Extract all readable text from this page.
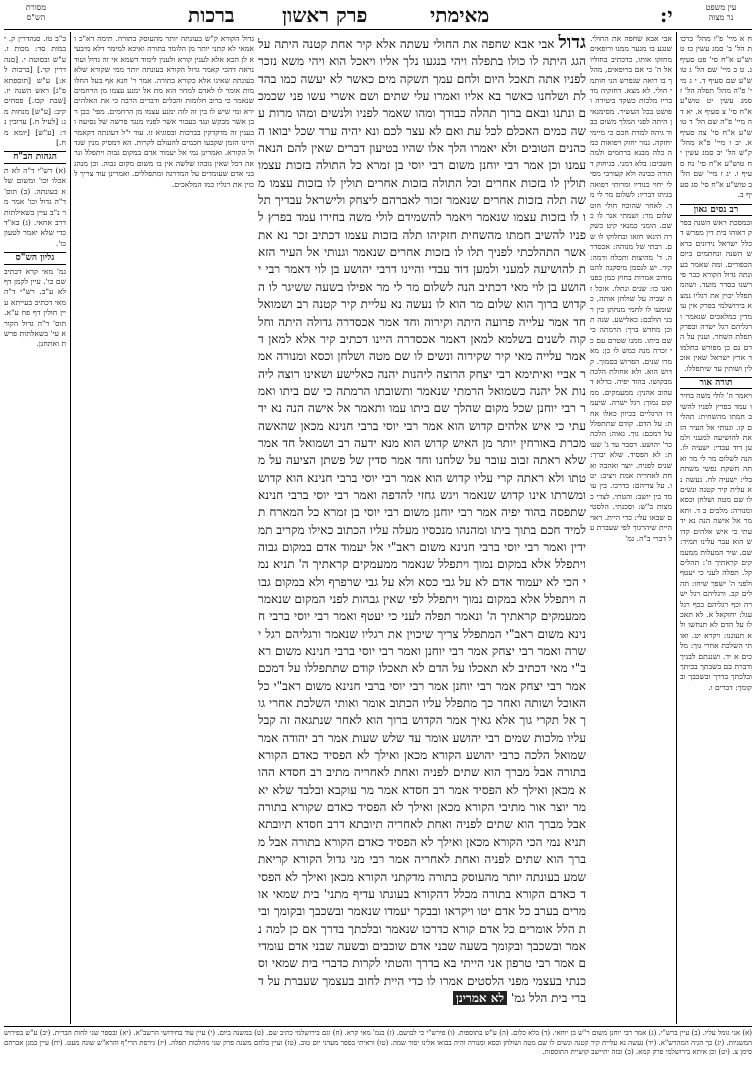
מסורת
הש"ס	ברכות פרק ראשון	מאימתי	י:	עין משפט
נר מצוה
ח א מיי' פ"ו מהל' ברכות הל' ב' סמג עשין כז טוש"ע א"ח סי' פט סעיף ג. ט ב מיי' שם הל' ג טוש"ע שם סעיף ד. י ג מיי' פ"ה מהל' תפלה הל' ז סמג עשין יט טוש"ע א"ח סי' צ סעיף א. יא ד ה מיי' פ"ה שם הל' ד טוש"ע א"ח סי' צה סעיף א. יב ו מיי' פ"א מהל' ק"ש הל' יב סמג עשין יח טוש"ע א"ח סי' נח סעיף ו. יג ז מיי' שם הל' ב טוש"ע א"ח סי' סג סעיף ב.
רב נסים גאון
ובמסכת ראש השנה בפרק ראוהו בית דין מפרש דכלל ישראל נידונים בראש השנה ונחתמים ביום הכפורים. ומה שאמר בעונתה גדול הקורא כבר פירשנו בסדר מועד. ושהמתפלל יכוין את רגליו נמצא בירושלמי בפרק אין עומדין כמלאכים שנאמר ורגליהם רגל ישרה ובפרק תפלת השחר. וענין על הדם גם כן מפורש בתלמוד ארץ ישראל שאין אוכלין ושותין עד שיתפללו.
תורה אור
ויאמר ה' לולי משה בחירו עמד בפרץ לפניו להשיב חמתו מהשחית: תהלים קו. וגנותי אל העיר הזאת להושיעה למעני ולמען דוד עבדי: ישעיה לז. הנה לשלום מר לי מר ואתה חשקת נפשי משחת בלי: ישעיה לח. נעשה נא עלית קיר קטנה ונשים לו שם מטה ושלחן וכסא ומנורה: מלכים ב ד. ותאמר אל אישה הנה נא ידעתי כי איש אלהים קדוש הוא עבר עלינו תמיד: שם. שיר המעלות ממעמקים קראתיך ה': תהלים קל. תפלה לעני כי יעטף ולפני ה' ישפך שיחו: תהלים קב. ורגליהם רגל ישרה וכף רגליהם ככף רגל עגל: יחזקאל א. לא תאכלו על הדם לא תנחשו ולא תעוננו: ויקרא יט. ואותי השלכת אחרי גוך: מלכים א יד. ושננתם לבניך ודברת בם בשבתך בביתך ובלכתך בדרך ובשכבך ובקומך: דברים ו.
ב"ב טז. סנהדרין ק. יבמות סד: מכות ז. ע"ש ובסוטה י. [סנהדרין קד.] [ברכות לא:] ע"ש [תוספתא פ"ג] ראש השנה יז. [שבת קכז.] פסחים קיב: [ע"ש] מנחות מג: [לעיל ח.] ערובין נד: [ע"ש] [יומא מח.]
הגהות הב"ח
(א) רש"י ד"ה לא תאכלו וכו' ומשום שלא בעונתה. (ב) תוס' ד"ה גדול וכו' אמר מר נ"ב עיין בשאילתות דרב אחאי. (ג) בא"ד כדי שלא יאמר לטעון כו'.
גליון הש"ס
גמ' מאי קרא דכתיב שם כו'. עיין לקמן דף לא ע"ב. רש"י ד"ה מאי דכתיב בעייתא עיין חולין דף פח ע"א. תוס' ד"ה גדול הקורא עי' בשאלתות פרשת ואתחנן.
אבי אבא שחפה את החולי. שנגע בו מגער ממנו ורופאים מחזקו אותו, כדכתיב בחוליו אל ה' כי אם ברופאים, מהלך בו רואה שנפרש הני חותמי חולי. לא מצא. דחזקיה מדבריו מלכות כשקד ביטירה ופושט בכל העשיר. מסימנאין היתה לפני המלך משום כבוד גיהה למדת חכם כי מיימי יחזקה. גנזר יחזק רפואות כמה כלה מבנא ברחמים ולמה חשבים: בלא דמני. בגיחוק דתורה כבינה ולא קעורבי מסילי יחוי כנודיו ומרותי רפואה בגיתו דבריו: לשלום מר לי מר. לאחר שהוכח חולי חוט שלום מר: ושמתי אגר לו כשם. הומני כמנאי קיט כשקרה הינאו חזאו ובחלוקו לו שם. רבתי של מנוהה: אכסדרה. ד' מהיצות ותכלה ודמה: קיר. יש לנסמן מיסקנה להט מודוב אמרות בחוץ כמן כפנו ואנו כו: שנים ונתלו. אוכל זה שביה על שולחן אותה, כשומעו לו לחמי מנחתן כין רבני הולכם: כאלישע. שנה תוכן מחדש ברך: הרמתה כי שם ביתו. ממנו שטרם עם כי זכרה מנה כמש לו כן: מאמרו שנים. הפרוש בסמוך. קדוש הוא. ולא אחולת הלכה מבקושו. בהוד יפיה. כדלא דעהוב אהנין: ממעמקים. ממקום נמוך: רגל ישרה. שיעמדו הרגליים בכיוון כאלו אחת: על הדם. קודם שתתפלל על דמכם: גוך. גאוה: הלכה כר' יהושע. דסבר עד ג' שעות: לא הפסיד. שלא יברך: שנים לפניה. יוצר ואהבה ואחת לאחריה אמת ויציב: יטו. על צדיהם: כדרכו. בין עומד בין יושב: והטתי. לצדי כמצות ב"ש: וסכנתי. הלסטים שבאו עלי: כדי היית. ראוי היית שיהרגוך לפי שעברת על דברי ב"ה. גמ'
גדול הקורא ק"ש בעונתה יותר מהעוסק בתורה. תימה דא"כ ואמאי לא קתני יותר מן הלומד בתורה ואיכא למימר דלא מיבעיא לן הכא אלא לענין קורא ולענין לימוד דשמא אי זה גדול ועוד נראה דהכי קאמר גדול הקורא בעונתה יותר ממי שקורא שלא בעונתה שאינו אלא כקורא בתורה. אמר ר' חנא אף בעל החלומות אומר לו לאדם למחר הוא מת אל ימנע עצמו מן הרחמים שנאמר כי ברוב חלומות והבלים ודברים הרבה כי את האלהים ירא ומי שיש לו בין זה לזה ימנע עצמו מן הרחמים. מפי' כבן רבן אשר מבקש ונגד בעבור אשר לפניו מנגד פרשה של נסיעה ובענין זה מדקדקין בברכות ובסוגיא זו. עוד י"ל דעונתה דקאמר היינו הזמן שקבעו חכמים להעולם לקרות. הא דמסיק מנין שגדול הקורא. ואמרינן נמי אל יעמוד אדם במקום גבוה ויתפלל ונראה דכל שאין גובהו שלשה אין בו משום מקום גבוה. וכן מנהג בני אדם שעומדים על המדרגה ומתפללים. ואמרינן עוד צריך לכוין את רגליו כמו המלאכים.
גדול אבי אבא שחפה את החולי עשתה אלא קיר אחת קטנה היתה על הגג היתה לו כולו בתפלה ויהי בנגעו נלך אליו ויאכל הוא ויהי משא נזכר לפניו אתה תאכל היום ולחם עמך תשקה מים כאשר לא יעשה כמו בהדלת ושלחנו כאשר בא אליו ואמרו עלי שתים ושם אשרי עשו פני שכמכם ונתנו ובאם ברוך תהלה כבודך ומהו שאמר לפניו ולנשים ומהו מרות עשה כמים האכלם לכל עת ואם לא עצר לכם ונא יהיה ערד שכל יבואו הכהנים הטובים ולא יאמרו הלך אלו שהיו בטיעון דברים שאין להם הנאה עמנו וכן אמר רבי יוחנן משום רבי יוסי בן זמרא כל התולה בזכות עצמו תולין לו בזכות אחרים וכל התולה בזכות אחרים תולין לו בזכות עצמו משה תלה בזכות אחרים שנאמר זכור לאברהם ליצחק ולישראל עבדיך תלו לו בזכות עצמו שנאמר ויאמר להשמידם לולי משה בחירו עמד בפרץ לפניו להשיב חמתו מהשחית חזקיהו תלה בזכות עצמו דכתיב זכר נא את אשר התהלכתי לפניך תלו לו בזכות אחרים שנאמר וגנותי אל העיר הזאת להושיעה למעני ולמען דוד עבדי והיינו דרבי יהושע בן לוי דאמר רבי יהושע בן לוי מאי דכתיב הנה לשלום מר לי מר אפילו בשעה ששיגר לו הקדוש ברוך הוא שלום מר הוא לו נעשה נא עליית קיר קטנה רב ושמואל חד אמר עלייה פרועה היתה וקירוה וחד אמר אכסדרה גדולה היתה וחלקוה לשנים בשלמא למאן דאמר אכסדרה היינו דכתיב קיר אלא למאן דאמר עלייה מאי קיר שקירוה ונשים לו שם מטה ושלחן וכסא ומנורה אמר אביי ואיתימא רבי יצחק הרוצה ליהנות יהנה כאלישע ושאינו רוצה ליהנות אל יהנה כשמואל הרמתי שנאמר ותשובתו הרמתה כי שם ביתו ואמר רבי יוחנן שכל מקום שהלך שם ביתו עמו ותאמר אל אישה הנה נא ידעתי כי איש אלהים קדוש הוא אמר רבי יוסי ברבי חנינא מכאן שהאשה מכרת באורחין יותר מן האיש קדוש הוא מנא ידעה רב ושמואל חד אמר שלא ראתה זבוב עובר על שלחנו וחד אמר סדין של פשתן הציעה על מטתו ולא ראתה קרי עליו קדוש הוא אמר רבי יוסי ברבי חנינא הוא קדוש ומשרתו אינו קדוש שנאמר ויגש גחזי להדפה ואמר רבי יוסי ברבי חנינא שתפסה בהוד יפיה אמר רבי יוחנן משום רבי יוסי בן זמרא כל המארח תלמיד חכם בתוך ביתו ומהנהו מנכסיו מעלה עליו הכתוב כאילו מקריב תמידין ואמר רבי יוסי ברבי חנינא משום ראב"י אל יעמוד אדם במקום גבוה ויתפלל אלא במקום נמוך ויתפלל שנאמר ממעמקים קראתיך ה' תניא נמי הכי לא יעמוד אדם לא על גבי כסא ולא על גבי שרפרף ולא במקום גבוה ויתפלל אלא במקום נמוך ויתפלל לפי שאין גבהות לפני המקום שנאמר ממעמקים קראתיך ה' ונאמר תפלה לעני כי יעטף ואמר רבי יוסי ברבי חנינא משום ראב"י המתפלל צריך שיכוין את רגליו שנאמר ורגליהם רגל ישרה ואמר רבי יצחק אמר רבי יוחנן ואמר רבי יוסי ברבי חנינא משום ראב"י מאי דכתיב לא תאכלו על הדם לא תאכלו קודם שתתפללו על דמכם אמר רבי יצחק אמר רבי יוחנן אמר רבי יוסי ברבי חנינא משום ראב"י כל האוכל ושותה ואחר כך מתפלל עליו הכתוב אומר ואותי השלכת אחרי גוך אל תקרי גוך אלא גאיך אמר הקדוש ברוך הוא לאחר שנתגאה זה קבל עליו מלכות שמים רבי יהושע אומר עד שלש שעות אמר רב יהודה אמר שמואל הלכה כרבי יהושע הקורא מכאן ואילך לא הפסיד כאדם הקורא בתורה אבל מברך הוא שתים לפניה ואחת לאחריה מתיב רב חסדא ההוא מכאן ואילך לא הפסיד אמר רב חסדא אמר מר עוקבא ובלבד שלא יאמר יוצר אור מתיבי הקורא מכאן ואילך לא הפסיד כאדם שקורא בתורה אבל מברך הוא שתים לפניה ואחת לאחריה תיובתא דרב חסדא תיובתא תניא נמי הכי הקורא מכאן ואילך לא הפסיד כאדם הקורא בתורה אבל מברך הוא שתים לפניה ואחת לאחריה אמר רבי מני גדול הקורא קריאת שמע בעונתה יותר מהעוסק בתורה מדקתני הקורא מכאן ואילך לא הפסיד כאדם הקורא בתורה מכלל דהקורא בעונתו עדיף מתני' בית שמאי אומרים בערב כל אדם יטו ויקראו ובבקר יעמדו שנאמר ובשכבך ובקומך ובית הלל אומרים כל אדם קורא כדרכו שנאמר ובלכתך בדרך אם כן למה נאמר ובשכבך ובקומך בשעה שבני אדם שוכבים ובשעה שבני אדם עומדים אמר רבי טרפון אני הייתי בא בדרך והטתי לקרות כדברי בית שמאי וסכנתי בעצמי מפני הלסטים אמרו לו כדי היית לחוב בעצמך שעברת על דברי בית הלל גמ' לא אמרינן
(א) אני גומל עליו. (ב) עיין ברש"י. (ג) אמר רבי יוחנן משום ר"ש בן יוחאי. (ד) בלא כלום. (ה) ע"ש בתוספות. (ו) פירש"י כי לבושם. (ז) בגמ' מאי קרא. (ח) וגם בירושלמי כתיב שם. (ט) במשנה ביום. (י) עיין עוד בחידושי הרשב"א. (יא) ובספר שני לחות הברית. (יב) ע"ש בפירוש המשניות. (יג) כך הגיה המהרש"א. (יד) נעשה נא עליית קיר קטנה ונשים לו שם מטה ושולחן וכסא ומנורה והיה בבואו אלינו יסור שמה. (טו) וראיתי בספר מעדני יום טוב. (טז) ועיין בלחם משנה פרק שני מהלכות תפלה. (יז) גירסת הרי"ף והרא"ש שונה מעט. (יח) עיין במגן אברהם סימן צ. (יט) וכן איתא בירושלמי פרק קמא. (כ) ובזה יתיישב קושיית התוספות.
